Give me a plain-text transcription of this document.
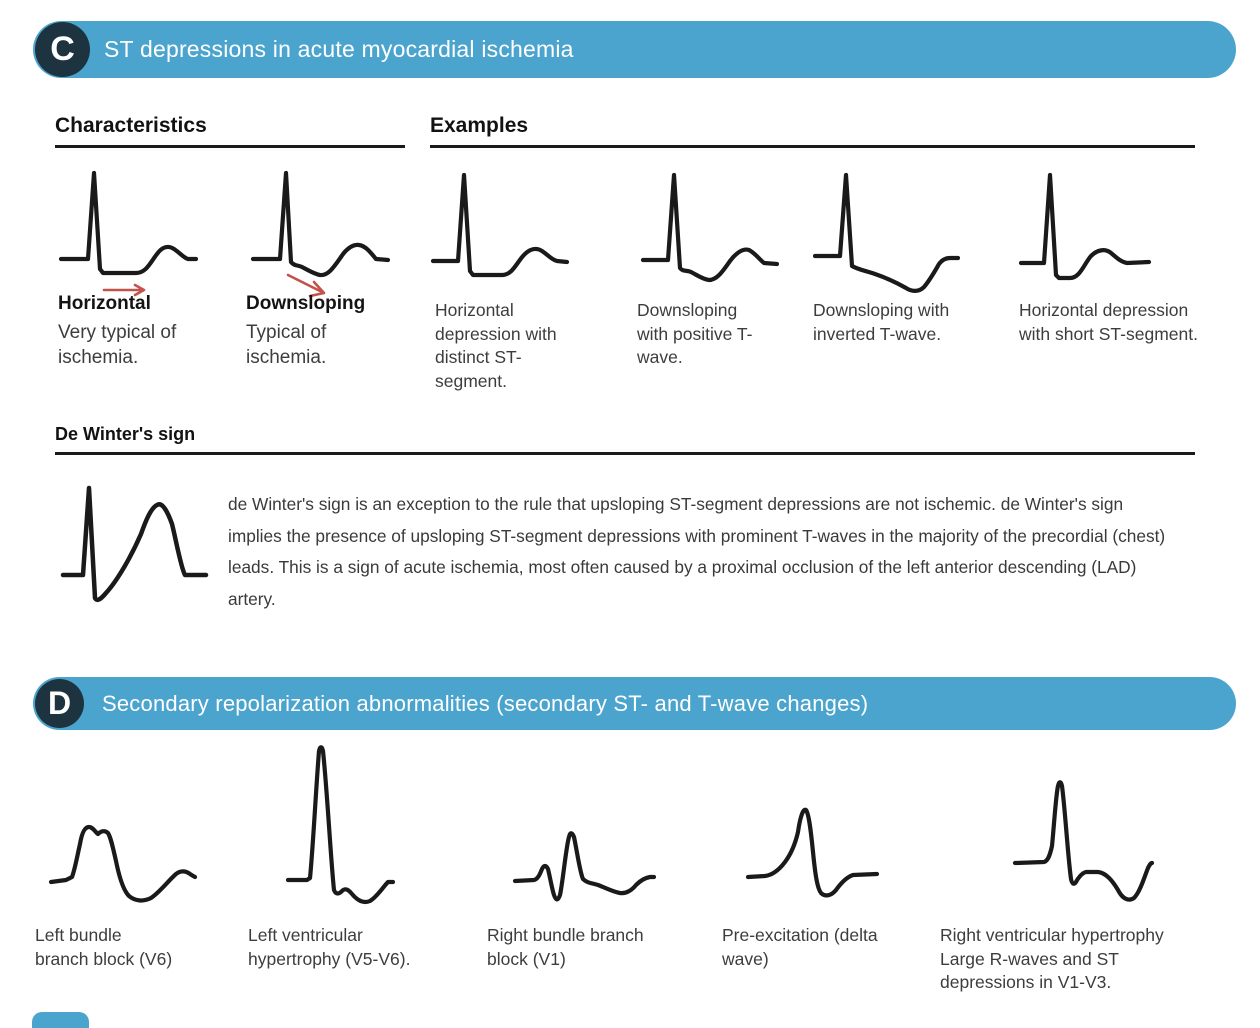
C	ST depressions in acute myocardial ischemia
Characteristics	Examples
Horizontal
Very typical of ischemia.
Downsloping
Typical of ischemia.
Horizontal depression with distinct ST-segment.
Downsloping with positive T-wave.
Downsloping with inverted T-wave.
Horizontal depression with short ST-segment.
De Winter's sign
de Winter's sign is an exception to the rule that upsloping ST-segment depressions are not ischemic. de Winter's sign implies the presence of upsloping ST-segment depressions with prominent T-waves in the majority of the precordial (chest) leads. This is a sign of acute ischemia, most often caused by a proximal occlusion of the left anterior descending (LAD) artery.
D	Secondary repolarization abnormalities (secondary ST- and T-wave changes)
Left bundle branch block (V6)
Left ventricular hypertrophy (V5-V6).
Right bundle branch block (V1)
Pre-excitation (delta wave)
Right ventricular hypertrophy Large R-waves and ST depressions in V1-V3.
